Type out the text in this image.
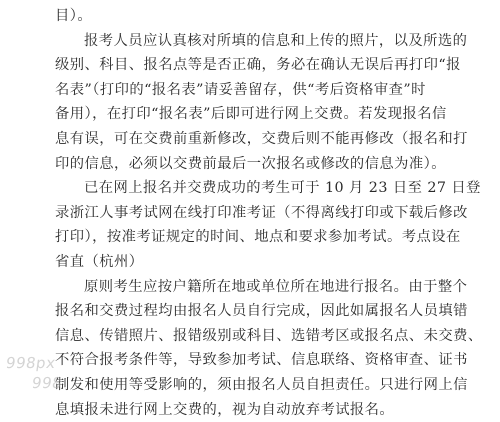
目）。
报考人员应认真核对所填的信息和上传的照片，以及所选的
级别、科目、报名点等是否正确，务必在确认无误后再打印“报
名表”（打印的“报名表”请妥善留存，供“考后资格审查”时
备用），在打印“报名表”后即可进行网上交费。若发现报名信
息有误，可在交费前重新修改，交费后则不能再修改（报名和打
印的信息，必须以交费前最后一次报名或修改的信息为准）。
已在网上报名并交费成功的考生可于 10 月 23 日至 27 日登
录浙江人事考试网在线打印准考证（不得离线打印或下载后修改
打印），按准考证规定的时间、地点和要求参加考试。考点设在
省直（杭州）
原则考生应按户籍所在地或单位所在地进行报名。由于整个
报名和交费过程均由报名人员自行完成，因此如属报名人员填错
信息、传错照片、报错级别或科目、选错考区或报名点、未交费、
不符合报考条件等，导致参加考试、信息联络、资格审查、证书
制发和使用等受影响的，须由报名人员自担责任。只进行网上信
息填报未进行网上交费的，视为自动放弃考试报名。
998px
998
